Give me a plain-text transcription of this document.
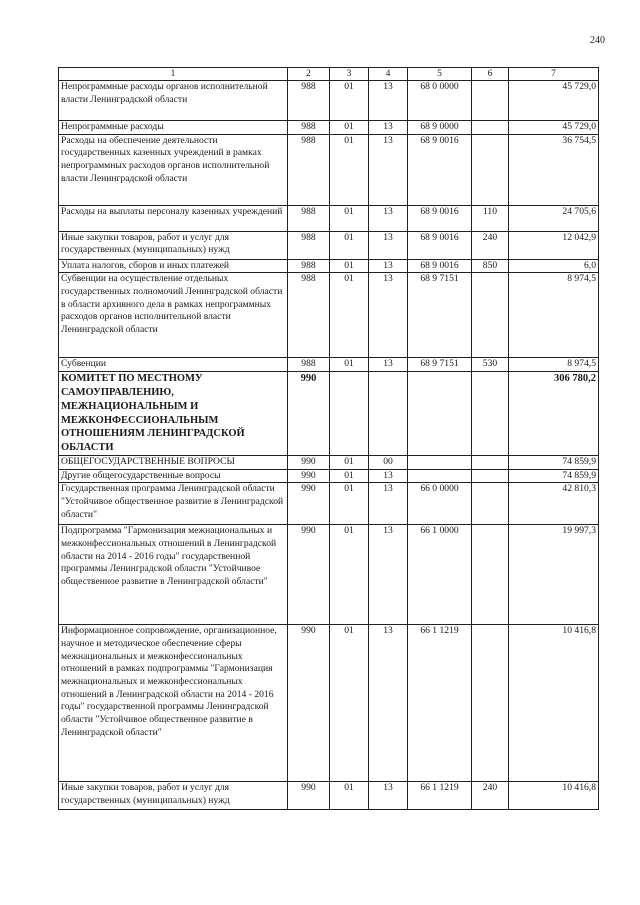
240
1	2	3	4	5	6	7
Непрограммные расходы органов исполнительной власти Ленинградской области	988	01	13	68 0 0000		45 729,0
Непрограммные расходы	988	01	13	68 9 0000		45 729,0
Расходы на обеспечение деятельности государственных казенных учреждений в рамках непрограммных расходов органов исполнительной власти Ленинградской области	988	01	13	68 9 0016		36 754,5
Расходы на выплаты персоналу казенных учреждений	988	01	13	68 9 0016	110	24 705,6
Иные закупки товаров, работ и услуг для государственных (муниципальных) нужд	988	01	13	68 9 0016	240	12 042,9
Уплата налогов, сборов и иных платежей	988	01	13	68 9 0016	850	6,0
Субвенции на осуществление отдельных государственных полномочий Ленинградской области в области архивного дела в рамках непрограммных расходов органов исполнительной власти Ленинградской области	988	01	13	68 9 7151		8 974,5
Субвенции	988	01	13	68 9 7151	530	8 974,5
КОМИТЕТ ПО МЕСТНОМУ САМОУПРАВЛЕНИЮ, МЕЖНАЦИОНАЛЬНЫМ И МЕЖКОНФЕССИОНАЛЬНЫМ ОТНОШЕНИЯМ ЛЕНИНГРАДСКОЙ ОБЛАСТИ	990					306 780,2
ОБЩЕГОСУДАРСТВЕННЫЕ ВОПРОСЫ	990	01	00			74 859,9
Другие общегосударственные вопросы	990	01	13			74 859,9
Государственная программа Ленинградской области "Устойчивое общественное развитие в Ленинградской области"	990	01	13	66 0 0000		42 810,3
Подпрограмма "Гармонизация межнациональных и межконфессиональных отношений в Ленинградской области на 2014 - 2016 годы" государственной программы Ленинградской области "Устойчивое общественное развитие в Ленинградской области"	990	01	13	66 1 0000		19 997,3
Информационное сопровождение, организационное, научное и методическое обеспечение сферы межнациональных и межконфессиональных отношений в рамках подпрограммы "Гармонизация межнациональных и межконфессиональных отношений в Ленинградской области на 2014 - 2016 годы" государственной программы Ленинградской области "Устойчивое общественное развитие в Ленинградской области"	990	01	13	66 1 1219		10 416,8
Иные закупки товаров, работ и услуг для государственных (муниципальных) нужд	990	01	13	66 1 1219	240	10 416,8
